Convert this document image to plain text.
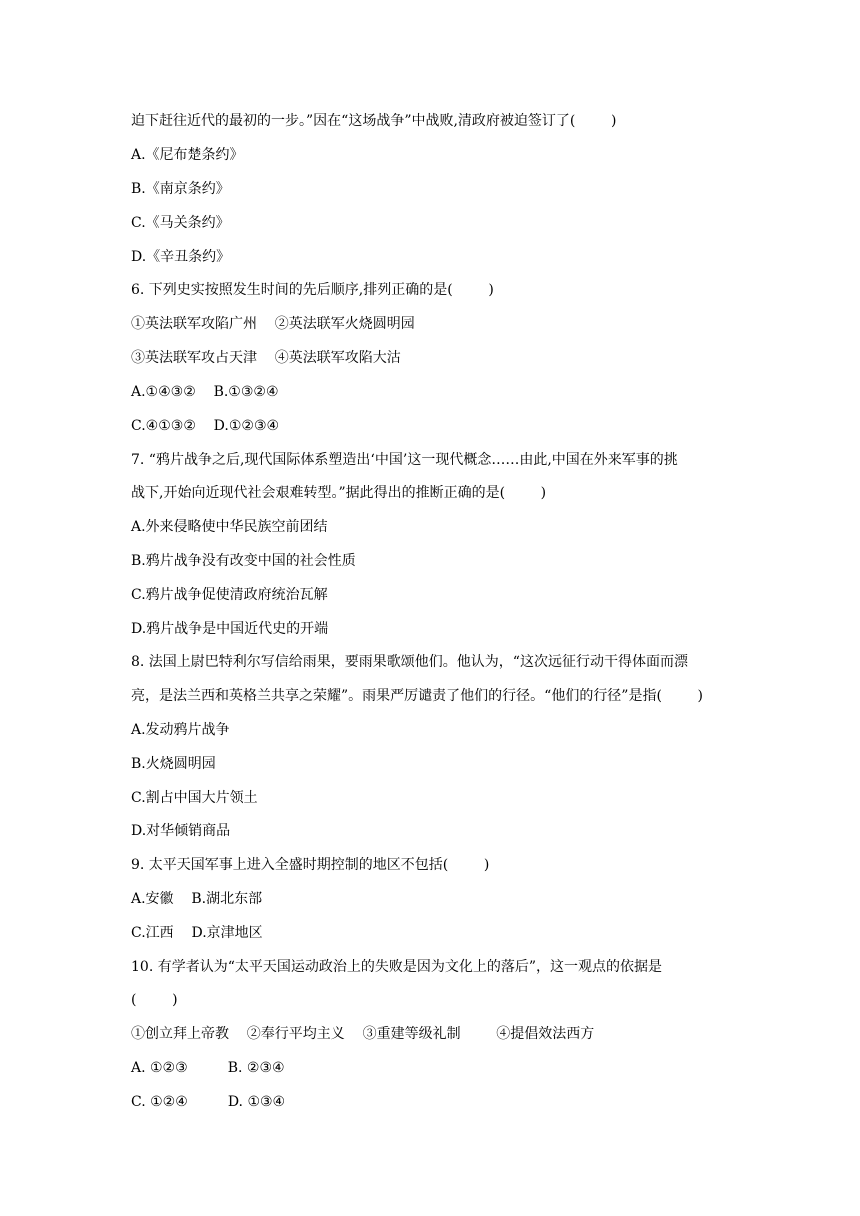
迫下赶往近代的最初的一步。”因在“这场战争”中战败,清政府被迫签订了(        )
A.《尼布楚条约》
B.《南京条约》
C.《马关条约》
D.《辛丑条约》
6. 下列史实按照发生时间的先后顺序,排列正确的是(        )
①英法联军攻陷广州    ②英法联军火烧圆明园
③英法联军攻占天津    ④英法联军攻陷大沽
A.①④③②    B.①③②④
C.④①③②    D.①②③④
7. “鸦片战争之后,现代国际体系塑造出‘中国’这一现代概念……由此,中国在外来军事的挑
战下,开始向近现代社会艰难转型。”据此得出的推断正确的是(        )
A.外来侵略使中华民族空前团结
B.鸦片战争没有改变中国的社会性质
C.鸦片战争促使清政府统治瓦解
D.鸦片战争是中国近代史的开端
8. 法国上尉巴特利尔写信给雨果，要雨果歌颂他们。他认为，“这次远征行动干得体面而漂
亮，是法兰西和英格兰共享之荣耀”。雨果严厉谴责了他们的行径。“他们的行径”是指(        )
A.发动鸦片战争
B.火烧圆明园
C.割占中国大片领土
D.对华倾销商品
9. 太平天国军事上进入全盛时期控制的地区不包括(        )
A.安徽    B.湖北东部
C.江西    D.京津地区
10. 有学者认为“太平天国运动政治上的失败是因为文化上的落后”，这一观点的依据是
(        )
①创立拜上帝教    ②奉行平均主义    ③重建等级礼制        ④提倡效法西方
A. ①②③         B. ②③④
C. ①②④         D. ①③④
